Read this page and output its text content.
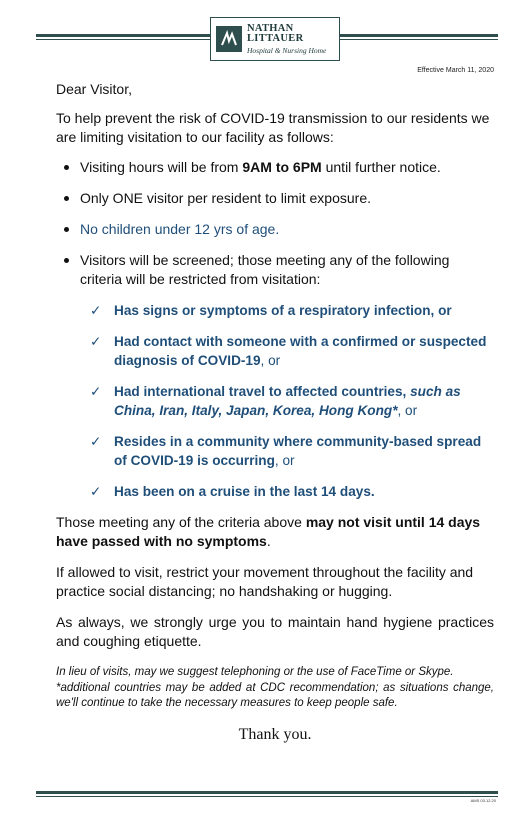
NATHAN
LITTAUER
Hospital & Nursing Home
Effective March 11, 2020

Dear Visitor,

To help prevent the risk of COVID-19 transmission to our residents we are limiting visitation to our facility as follows:

Visiting hours will be from 9AM to 6PM until further notice.
Only ONE visitor per resident to limit exposure.
No children under 12 yrs of age.
Visitors will be screened; those meeting any of the following criteria will be restricted from visitation:
✓ Has signs or symptoms of a respiratory infection, or
✓ Had contact with someone with a confirmed or suspected diagnosis of COVID-19, or
✓ Had international travel to affected countries, such as China, Iran, Italy, Japan, Korea, Hong Kong*, or
✓ Resides in a community where community-based spread of COVID-19 is occurring, or
✓ Has been on a cruise in the last 14 days.

Those meeting any of the criteria above may not visit until 14 days have passed with no symptoms.

If allowed to visit, restrict your movement throughout the facility and practice social distancing; no handshaking or hugging.

As always, we strongly urge you to maintain hand hygiene practices and coughing etiquette.

In lieu of visits, may we suggest telephoning or the use of FaceTime or Skype.
*additional countries may be added at CDC recommendation; as situations change, we'll continue to take the necessary measures to keep people safe.
Thank you.
AMS 03.12.20
